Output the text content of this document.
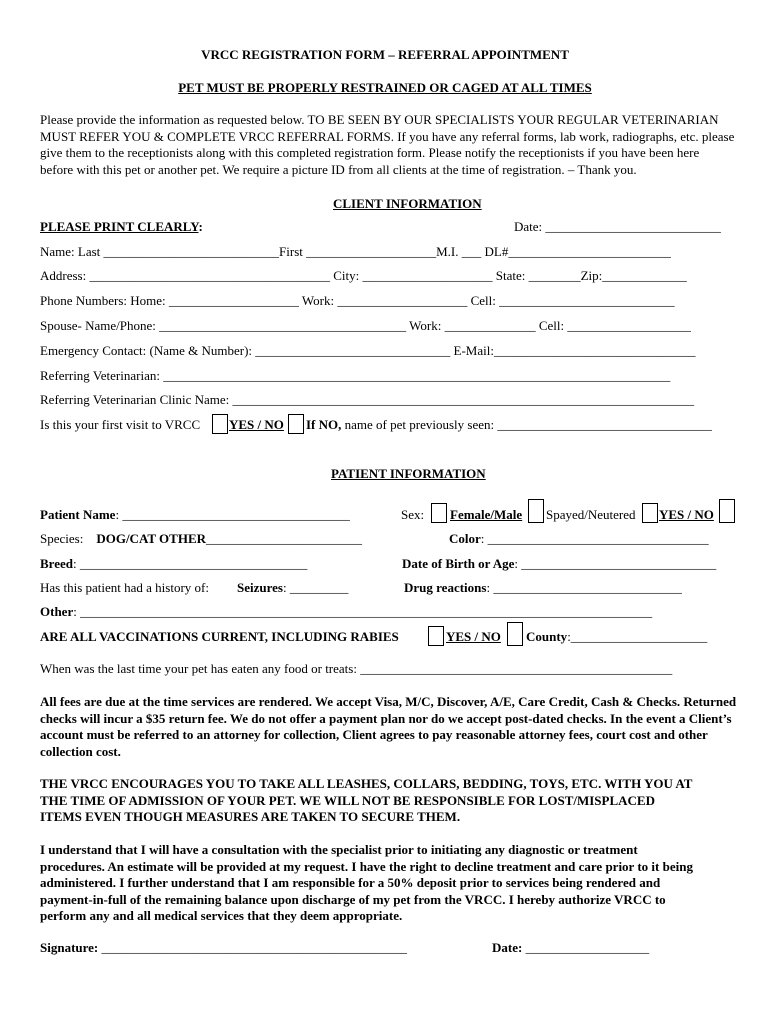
VRCC REGISTRATION FORM – REFERRAL APPOINTMENT
PET MUST BE PROPERLY RESTRAINED OR CAGED AT ALL TIMES
Please provide the information as requested below. TO BE SEEN BY OUR SPECIALISTS YOUR REGULAR VETERINARIAN MUST REFER YOU & COMPLETE VRCC REFERRAL FORMS. If you have any referral forms, lab work, radiographs, etc. please give them to the receptionists along with this completed registration form. Please notify the receptionists if you have been here before with this pet or another pet. We require a picture ID from all clients at the time of registration. – Thank you.
CLIENT INFORMATION
PLEASE PRINT CLEARLY:	Date: ___________________________
Name: Last ___________________________First ____________________M.I. ___ DL#_________________________
Address: _____________________________________ City: ____________________ State: ________Zip:_____________
Phone Numbers: Home: ____________________ Work: ____________________ Cell: ___________________________
Spouse- Name/Phone: ______________________________________ Work: ______________ Cell: ___________________
Emergency Contact: (Name & Number): ______________________________ E-Mail:_______________________________
Referring Veterinarian: ______________________________________________________________________________
Referring Veterinarian Clinic Name: _______________________________________________________________________
Is this your first visit to VRCC YES / NO If NO, name of pet previously seen: _________________________________
PATIENT INFORMATION
Patient Name: ___________________________________	Sex: Female/Male Spayed/Neutered YES / NO
Species: DOG/CAT OTHER________________________	Color: __________________________________
Breed: ___________________________________	Date of Birth or Age: ______________________________
Has this patient had a history of: Seizures: _________	Drug reactions: _____________________________
Other: ________________________________________________________________________________________
ARE ALL VACCINATIONS CURRENT, INCLUDING RABIES	YES / NO County:_____________________
When was the last time your pet has eaten any food or treats: ________________________________________________
All fees are due at the time services are rendered. We accept Visa, M/C, Discover, A/E, Care Credit, Cash & Checks. Returned checks will incur a $35 return fee. We do not offer a payment plan nor do we accept post-dated checks. In the event a Client’s account must be referred to an attorney for collection, Client agrees to pay reasonable attorney fees, court cost and other collection cost.
THE VRCC ENCOURAGES YOU TO TAKE ALL LEASHES, COLLARS, BEDDING, TOYS, ETC. WITH YOU AT THE TIME OF ADMISSION OF YOUR PET. WE WILL NOT BE RESPONSIBLE FOR LOST/MISPLACED ITEMS EVEN THOUGH MEASURES ARE TAKEN TO SECURE THEM.
I understand that I will have a consultation with the specialist prior to initiating any diagnostic or treatment procedures. An estimate will be provided at my request. I have the right to decline treatment and care prior to it being administered. I further understand that I am responsible for a 50% deposit prior to services being rendered and payment-in-full of the remaining balance upon discharge of my pet from the VRCC. I hereby authorize VRCC to perform any and all medical services that they deem appropriate.
Signature: _______________________________________________	Date: ___________________
